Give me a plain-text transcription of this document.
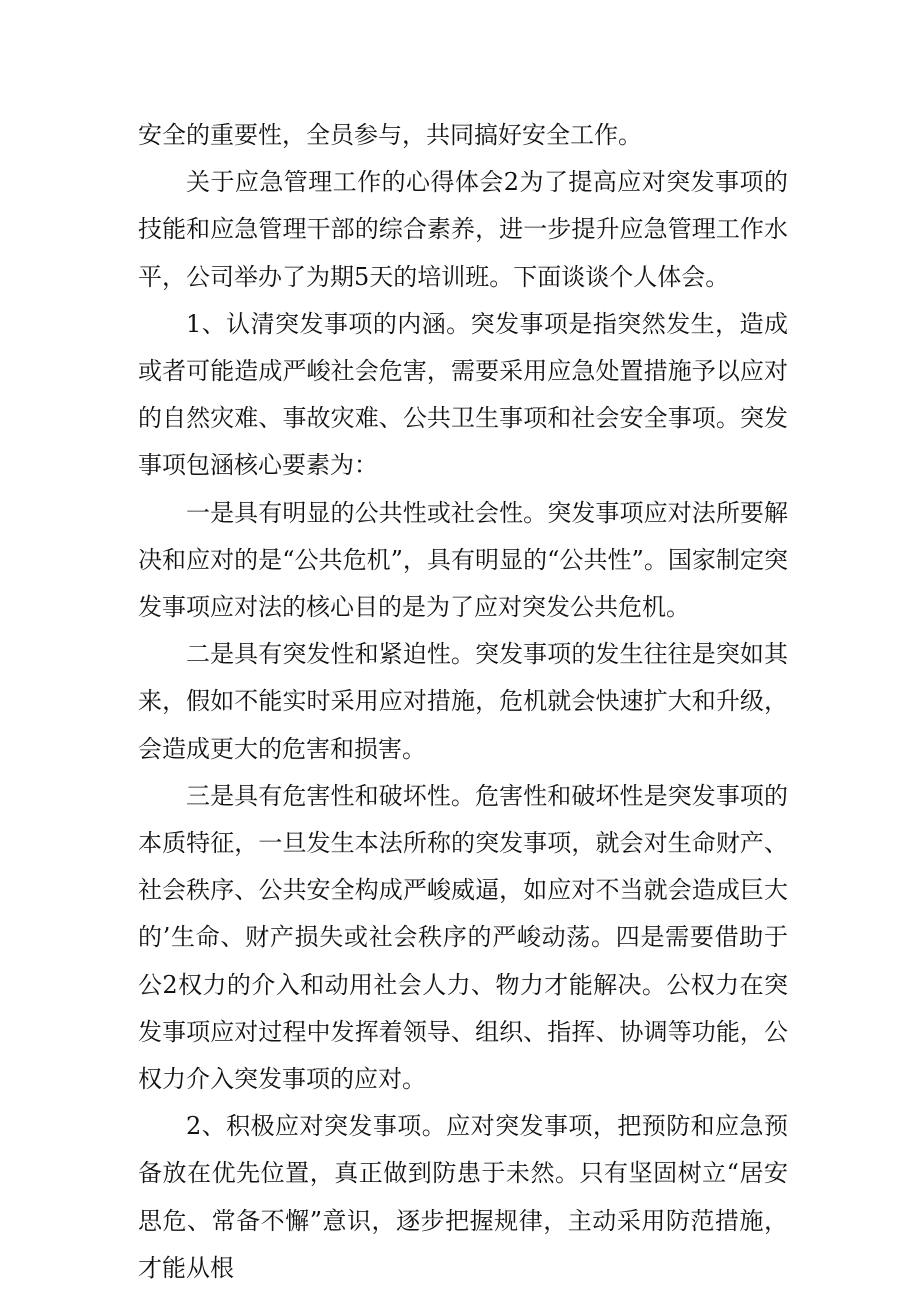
安全的重要性，全员参与，共同搞好安全工作。

关于应急管理工作的心得体会2为了提高应对突发事项的技能和应急管理干部的综合素养，进一步提升应急管理工作水平，公司举办了为期5天的培训班。下面谈谈个人体会。

1、认清突发事项的内涵。突发事项是指突然发生，造成或者可能造成严峻社会危害，需要采用应急处置措施予以应对的自然灾难、事故灾难、公共卫生事项和社会安全事项。突发事项包涵核心要素为：

一是具有明显的公共性或社会性。突发事项应对法所要解决和应对的是“公共危机”，具有明显的“公共性”。国家制定突发事项应对法的核心目的是为了应对突发公共危机。

二是具有突发性和紧迫性。突发事项的发生往往是突如其来，假如不能实时采用应对措施，危机就会快速扩大和升级，会造成更大的危害和损害。

三是具有危害性和破坏性。危害性和破坏性是突发事项的本质特征，一旦发生本法所称的突发事项，就会对生命财产、社会秩序、公共安全构成严峻威逼，如应对不当就会造成巨大的’生命、财产损失或社会秩序的严峻动荡。四是需要借助于公2权力的介入和动用社会人力、物力才能解决。公权力在突发事项应对过程中发挥着领导、组织、指挥、协调等功能，公权力介入突发事项的应对。

2、积极应对突发事项。应对突发事项，把预防和应急预备放在优先位置，真正做到防患于未然。只有坚固树立“居安思危、常备不懈”意识，逐步把握规律，主动采用防范措施，才能从根
